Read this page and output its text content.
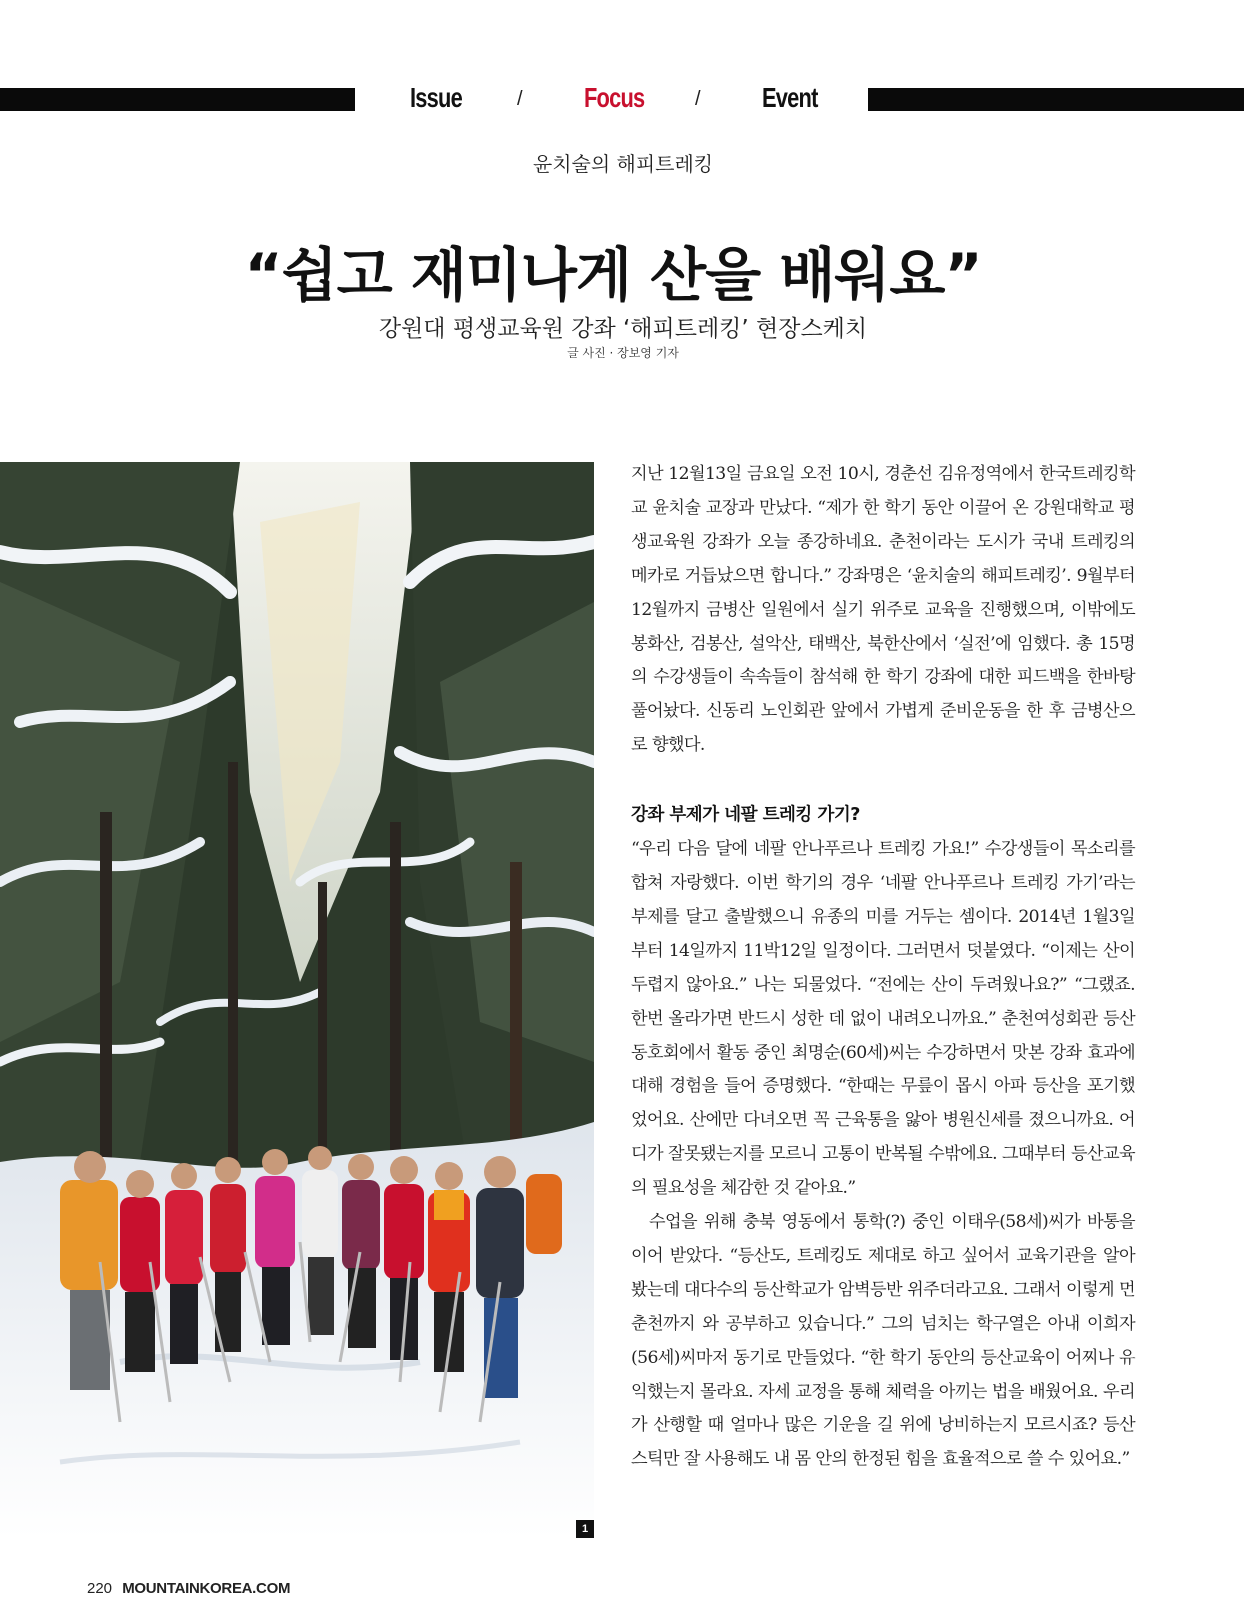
Issue	/ Focus	/ Event
윤치술의 해피트레킹
“쉽고 재미나게 산을 배워요”
강원대 평생교육원 강좌 ‘해피트레킹’ 현장스케치
글 사진 · 장보영 기자
1

지난 12월13일 금요일 오전 10시, 경춘선 김유정역에서 한국트레킹학교 윤치술 교장과 만났다. “제가 한 학기 동안 이끌어 온 강원대학교 평생교육원 강좌가 오늘 종강하네요. 춘천이라는 도시가 국내 트레킹의 메카로 거듭났으면 합니다.” 강좌명은 ‘윤치술의 해피트레킹’. 9월부터 12월까지 금병산 일원에서 실기 위주로 교육을 진행했으며, 이밖에도 봉화산, 검봉산, 설악산, 태백산, 북한산에서 ‘실전’에 임했다. 총 15명의 수강생들이 속속들이 참석해 한 학기 강좌에 대한 피드백을 한바탕 풀어놨다. 신동리 노인회관 앞에서 가볍게 준비운동을 한 후 금병산으로 향했다.

강좌 부제가 네팔 트레킹 가기?

“우리 다음 달에 네팔 안나푸르나 트레킹 가요!” 수강생들이 목소리를 합쳐 자랑했다. 이번 학기의 경우 ‘네팔 안나푸르나 트레킹 가기’라는 부제를 달고 출발했으니 유종의 미를 거두는 셈이다. 2014년 1월3일부터 14일까지 11박12일 일정이다. 그러면서 덧붙였다. “이제는 산이 두렵지 않아요.” 나는 되물었다. “전에는 산이 두려웠나요?” “그랬죠. 한번 올라가면 반드시 성한 데 없이 내려오니까요.” 춘천여성회관 등산동호회에서 활동 중인 최명순(60세)씨는 수강하면서 맛본 강좌 효과에 대해 경험을 들어 증명했다. “한때는 무릎이 몹시 아파 등산을 포기했었어요. 산에만 다녀오면 꼭 근육통을 앓아 병원신세를 졌으니까요. 어디가 잘못됐는지를 모르니 고통이 반복될 수밖에요. 그때부터 등산교육의 필요성을 체감한 것 같아요.”

수업을 위해 충북 영동에서 통학(?) 중인 이태우(58세)씨가 바통을 이어 받았다. “등산도, 트레킹도 제대로 하고 싶어서 교육기관을 알아봤는데 대다수의 등산학교가 암벽등반 위주더라고요. 그래서 이렇게 먼 춘천까지 와 공부하고 있습니다.” 그의 넘치는 학구열은 아내 이희자(56세)씨마저 동기로 만들었다. “한 학기 동안의 등산교육이 어찌나 유익했는지 몰라요. 자세 교정을 통해 체력을 아끼는 법을 배웠어요. 우리가 산행할 때 얼마나 많은 기운을 길 위에 낭비하는지 모르시죠? 등산스틱만 잘 사용해도 내 몸 안의 한정된 힘을 효율적으로 쓸 수 있어요.”

220 MOUNTAINKOREA.COM
